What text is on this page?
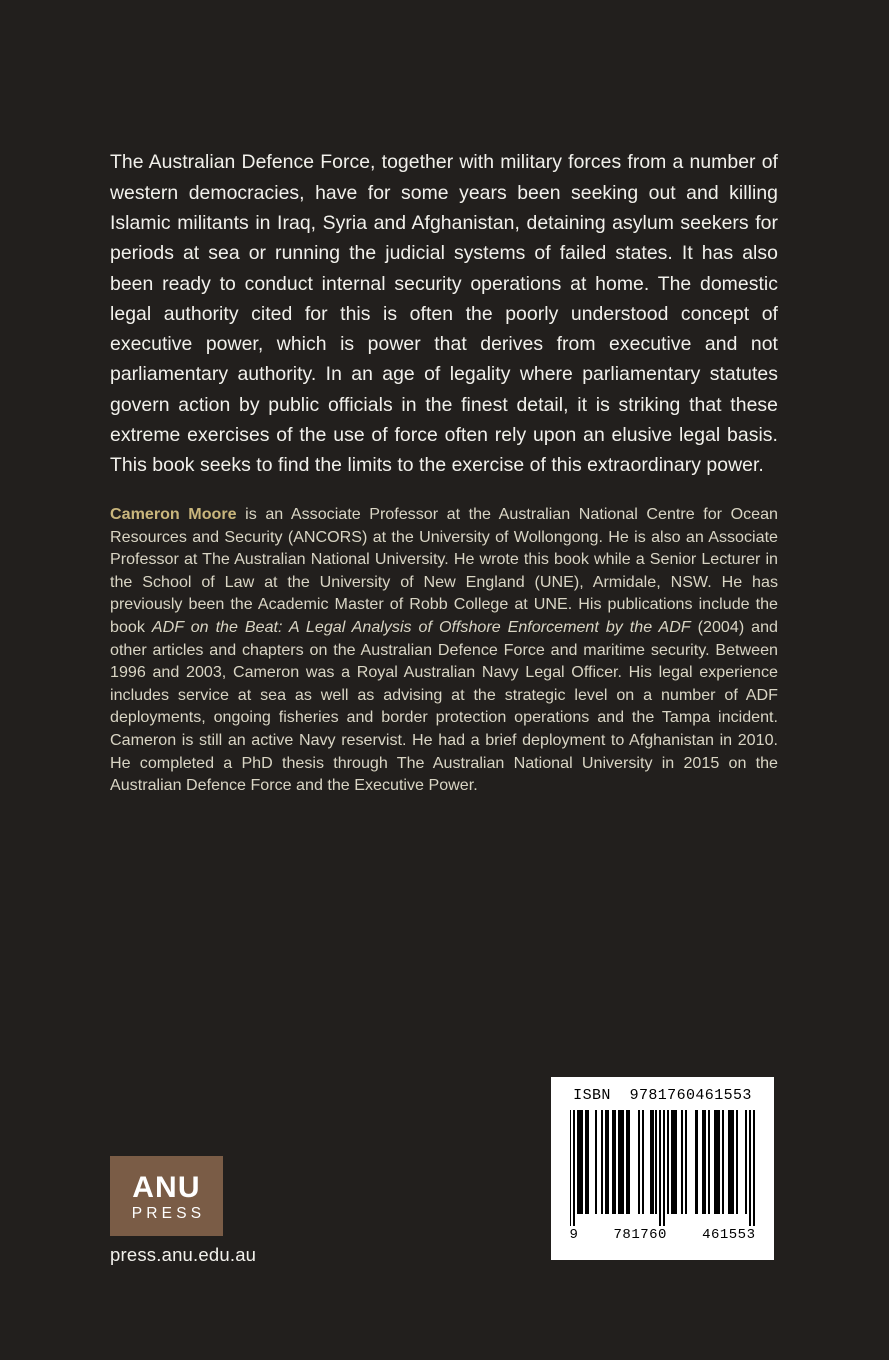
The Australian Defence Force, together with military forces from a number of western democracies, have for some years been seeking out and killing Islamic militants in Iraq, Syria and Afghanistan, detaining asylum seekers for periods at sea or running the judicial systems of failed states. It has also been ready to conduct internal security operations at home. The domestic legal authority cited for this is often the poorly understood concept of executive power, which is power that derives from executive and not parliamentary authority. In an age of legality where parliamentary statutes govern action by public officials in the finest detail, it is striking that these extreme exercises of the use of force often rely upon an elusive legal basis. This book seeks to find the limits to the exercise of this extraordinary power.

Cameron Moore is an Associate Professor at the Australian National Centre for Ocean Resources and Security (ANCORS) at the University of Wollongong. He is also an Associate Professor at The Australian National University. He wrote this book while a Senior Lecturer in the School of Law at the University of New England (UNE), Armidale, NSW. He has previously been the Academic Master of Robb College at UNE. His publications include the book ADF on the Beat: A Legal Analysis of Offshore Enforcement by the ADF (2004) and other articles and chapters on the Australian Defence Force and maritime security. Between 1996 and 2003, Cameron was a Royal Australian Navy Legal Officer. His legal experience includes service at sea as well as advising at the strategic level on a number of ADF deployments, ongoing fisheries and border protection operations and the Tampa incident. Cameron is still an active Navy reservist. He had a brief deployment to Afghanistan in 2010. He completed a PhD thesis through The Australian National University in 2015 on the Australian Defence Force and the Executive Power.

ANU
PRESS
press.anu.edu.au
ISBN  9781760461553
9	781760	461553
